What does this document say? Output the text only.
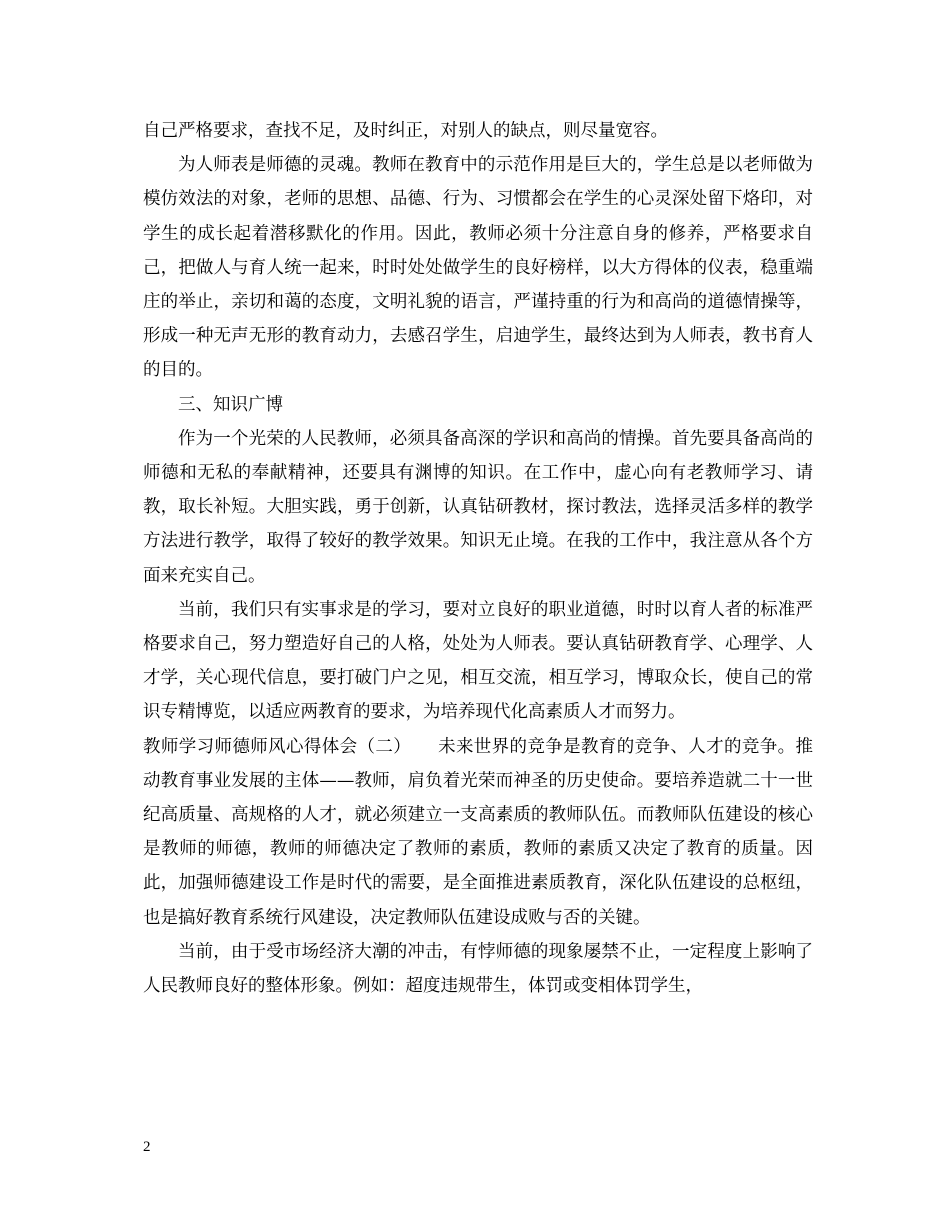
自己严格要求，查找不足，及时纠正，对别人的缺点，则尽量宽容。

为人师表是师德的灵魂。教师在教育中的示范作用是巨大的，学生总是以老师做为模仿效法的对象，老师的思想、品德、行为、习惯都会在学生的心灵深处留下烙印，对学生的成长起着潜移默化的作用。因此，教师必须十分注意自身的修养，严格要求自己，把做人与育人统一起来，时时处处做学生的良好榜样，以大方得体的仪表，稳重端庄的举止，亲切和蔼的态度，文明礼貌的语言，严谨持重的行为和高尚的道德情操等，形成一种无声无形的教育动力，去感召学生，启迪学生，最终达到为人师表，教书育人的目的。

三、知识广博

作为一个光荣的人民教师，必须具备高深的学识和高尚的情操。首先要具备高尚的师德和无私的奉献精神，还要具有渊博的知识。在工作中，虚心向有老教师学习、请教，取长补短。大胆实践，勇于创新，认真钻研教材，探讨教法，选择灵活多样的教学方法进行教学，取得了较好的教学效果。知识无止境。在我的工作中，我注意从各个方面来充实自己。

当前，我们只有实事求是的学习，要对立良好的职业道德，时时以育人者的标准严格要求自己，努力塑造好自己的人格，处处为人师表。要认真钻研教育学、心理学、人才学，关心现代信息，要打破门户之见，相互交流，相互学习，博取众长，使自己的常识专精博览，以适应两教育的要求，为培养现代化高素质人才而努力。

教师学习师德师风心得体会（二）　　未来世界的竞争是教育的竞争、人才的竞争。推动教育事业发展的主体——教师，肩负着光荣而神圣的历史使命。要培养造就二十一世纪高质量、高规格的人才，就必须建立一支高素质的教师队伍。而教师队伍建设的核心是教师的师德，教师的师德决定了教师的素质，教师的素质又决定了教育的质量。因此，加强师德建设工作是时代的需要，是全面推进素质教育，深化队伍建设的总枢纽，也是搞好教育系统行风建设，决定教师队伍建设成败与否的关键。

当前，由于受市场经济大潮的冲击，有悖师德的现象屡禁不止，一定程度上影响了人民教师良好的整体形象。例如：超度违规带生，体罚或变相体罚学生，

2
